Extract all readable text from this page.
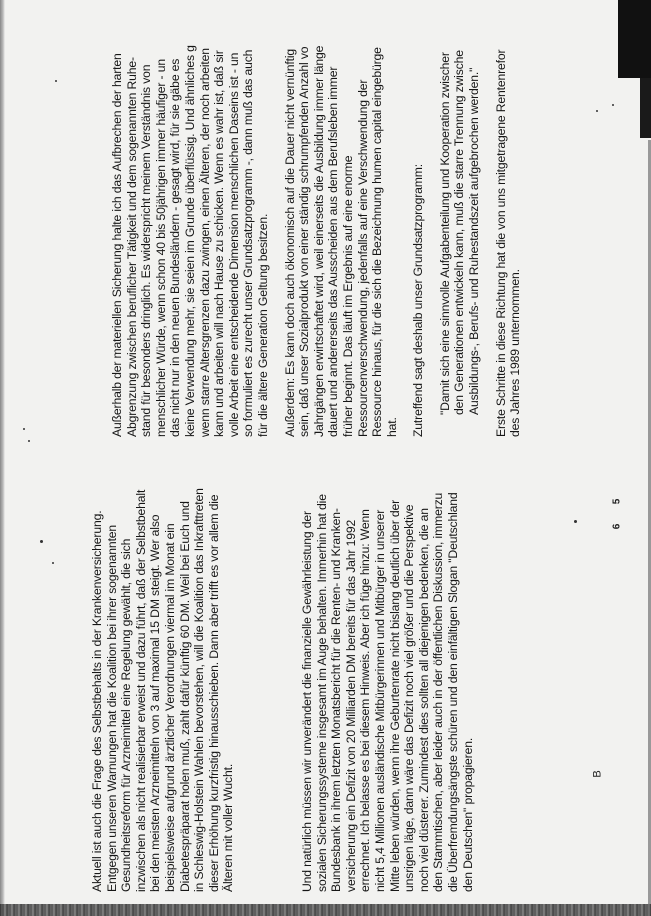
5
6
B
Aktuell ist auch die Frage des Selbstbehalts in der Krankenversicherung. Entgegen unseren Warnungen hat die Koalition bei ihrer sogenannten Gesundheitsreform für Arzneimittel eine Regelung gewählt, die sich inzwischen als nicht realisierbar erweist und dazu führt, daß der Selbstbehalt bei den meisten Arzneimitteln von 3 auf maximal 15 DM steigt. Wer also beispielsweise aufgrund ärztlicher Verordnungen viermal im Monat ein Diabetespräparat holen muß, zahlt dafür künftig 60 DM. Weil bei Euch und in Schleswig-Holstein Wahlen bevorstehen, will die Koalition das Inkrafttreten dieser Erhöhung kurzfristig hinausschieben. Dann aber trifft es vor allem die Älteren mit voller Wucht.	Und natürlich müssen wir unverändert die finanzielle Gewährleistung der sozialen Sicherungssysteme insgesamt im Auge behalten. Immerhin hat die Bundesbank in ihrem letzten Monatsbericht für die Renten- und Kranken- versicherung ein Defizit von 20 Milliarden DM bereits für das Jahr 1992 errechnet. Ich belasse es bei diesem Hinweis. Aber ich füge hinzu: Wenn nicht 5,4 Millionen ausländische Mitbürgerinnen und Mitbürger in unserer Mitte leben würden, wenn ihre Geburtenrate nicht bislang deutlich über der unsrigen läge, dann wäre das Defizit noch viel größer und die Perspektive noch viel düsterer. Zumindest dies sollten all diejenigen bedenken, die an den Stammtischen, aber leider auch in der öffentlichen Diskussion, immerzu die Überfremdungsängste schüren und den einfältigen Slogan "Deutschland den Deutschen" propagieren.

Außerhalb der materiellen Sicherung halte ich das Aufbrechen der harten Abgrenzung zwischen beruflicher Tätigkeit und dem sogenannten Ruhe- stand für besonders dringlich. Es widerspricht meinem Verständnis von menschlicher Würde, wenn schon 40 bis 50jährigen immer häufiger - un das nicht nur in den neuen Bundesländern - gesagt wird, für sie gäbe es keine Verwendung mehr, sie seien im Grunde überflüssig. Und ähnliches g wenn starre Altersgrenzen dazu zwingen, einen Älteren, der noch arbeiten kann und arbeiten will nach Hause zu schicken. Wenn es wahr ist, daß sir volle Arbeit eine entscheidende Dimension menschlichen Daseins ist - un so formuliert es zurecht unser Grundsatzprogramm -, dann muß das auch für die ältere Generation Geltung besitzen. Außerdem: Es kann doch auch ökonomisch auf die Dauer nicht vernünftig sein, daß unser Sozialprodukt von einer ständig schrumpfenden Anzahl vo Jahrgängen erwirtschaftet wird, weil einerseits die Ausbildung immer länge dauert und andererseits das Ausscheiden aus dem Berufsleben immer früher beginnt. Das läuft im Ergebnis auf eine enorme Ressourcenverschwendung, jedenfalls auf eine Verschwendung der Ressource hinaus, für die sich die Bezeichnung humen capital eingebürge hat. Zutreffend sagt deshalb unser Grundsatzprogramm: "Damit sich eine sinnvolle Aufgabenteilung und Kooperation zwischer den Generationen entwickeln kann, muß die starre Trennung zwische Ausbildungs-, Berufs- und Ruhestandszeit aufgebrochen werden." Erste Schritte in diese Richtung hat die von uns mitgetragene Rentenrefor des Jahres 1989 unternommen.
